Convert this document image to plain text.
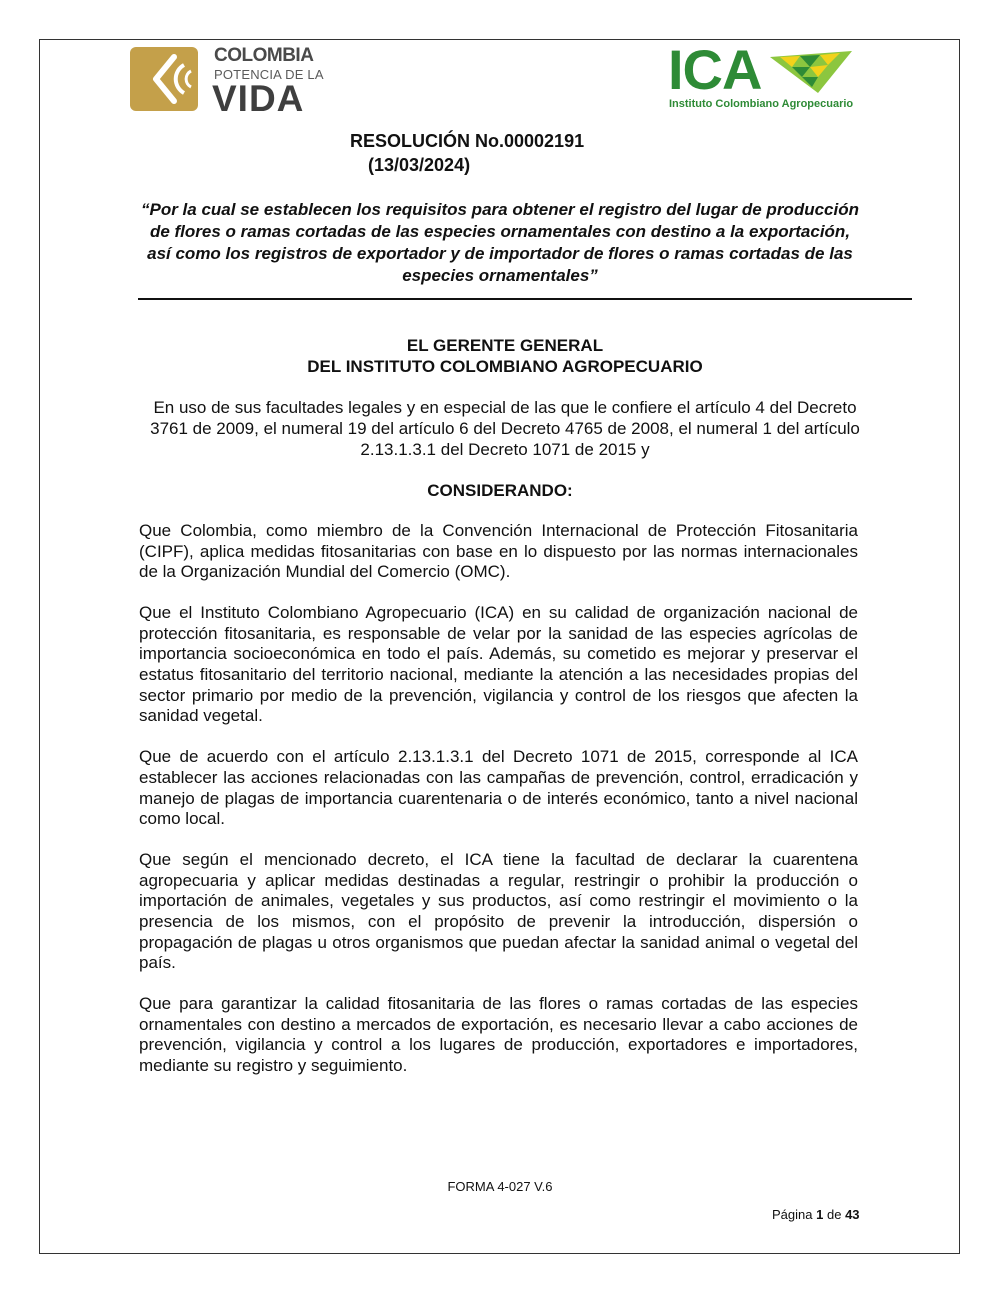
COLOMBIA
POTENCIA DE LA
VIDA	ICA
Instituto Colombiano Agropecuario
RESOLUCIÓN No.00002191
(13/03/2024)

“Por la cual se establecen los requisitos para obtener el registro del lugar de producción de flores o ramas cortadas de las especies ornamentales con destino a la exportación, así como los registros de exportador y de importador de flores o ramas cortadas de las especies ornamentales”

EL GERENTE GENERAL
DEL INSTITUTO COLOMBIANO AGROPECUARIO

En uso de sus facultades legales y en especial de las que le confiere el artículo 4 del Decreto 3761 de 2009, el numeral 19 del artículo 6 del Decreto 4765 de 2008, el numeral 1 del artículo 2.13.1.3.1 del Decreto 1071 de 2015 y

CONSIDERANDO:

Que Colombia, como miembro de la Convención Internacional de Protección Fitosanitaria (CIPF), aplica medidas fitosanitarias con base en lo dispuesto por las normas internacionales de la Organización Mundial del Comercio (OMC).

Que el Instituto Colombiano Agropecuario (ICA) en su calidad de organización nacional de protección fitosanitaria, es responsable de velar por la sanidad de las especies agrícolas de importancia socioeconómica en todo el país. Además, su cometido es mejorar y preservar el estatus fitosanitario del territorio nacional, mediante la atención a las necesidades propias del sector primario por medio de la prevención, vigilancia y control de los riesgos que afecten la sanidad vegetal.

Que de acuerdo con el artículo 2.13.1.3.1 del Decreto 1071 de 2015, corresponde al ICA establecer las acciones relacionadas con las campañas de prevención, control, erradicación y manejo de plagas de importancia cuarentenaria o de interés económico, tanto a nivel nacional como local.

Que según el mencionado decreto, el ICA tiene la facultad de declarar la cuarentena agropecuaria y aplicar medidas destinadas a regular, restringir o prohibir la producción o importación de animales, vegetales y sus productos, así como restringir el movimiento o la presencia de los mismos, con el propósito de prevenir la introducción, dispersión o propagación de plagas u otros organismos que puedan afectar la sanidad animal o vegetal del país.

Que para garantizar la calidad fitosanitaria de las flores o ramas cortadas de las especies ornamentales con destino a mercados de exportación, es necesario llevar a cabo acciones de prevención, vigilancia y control a los lugares de producción, exportadores e importadores, mediante su registro y seguimiento.

FORMA 4-027 V.6
Página 1 de 43
